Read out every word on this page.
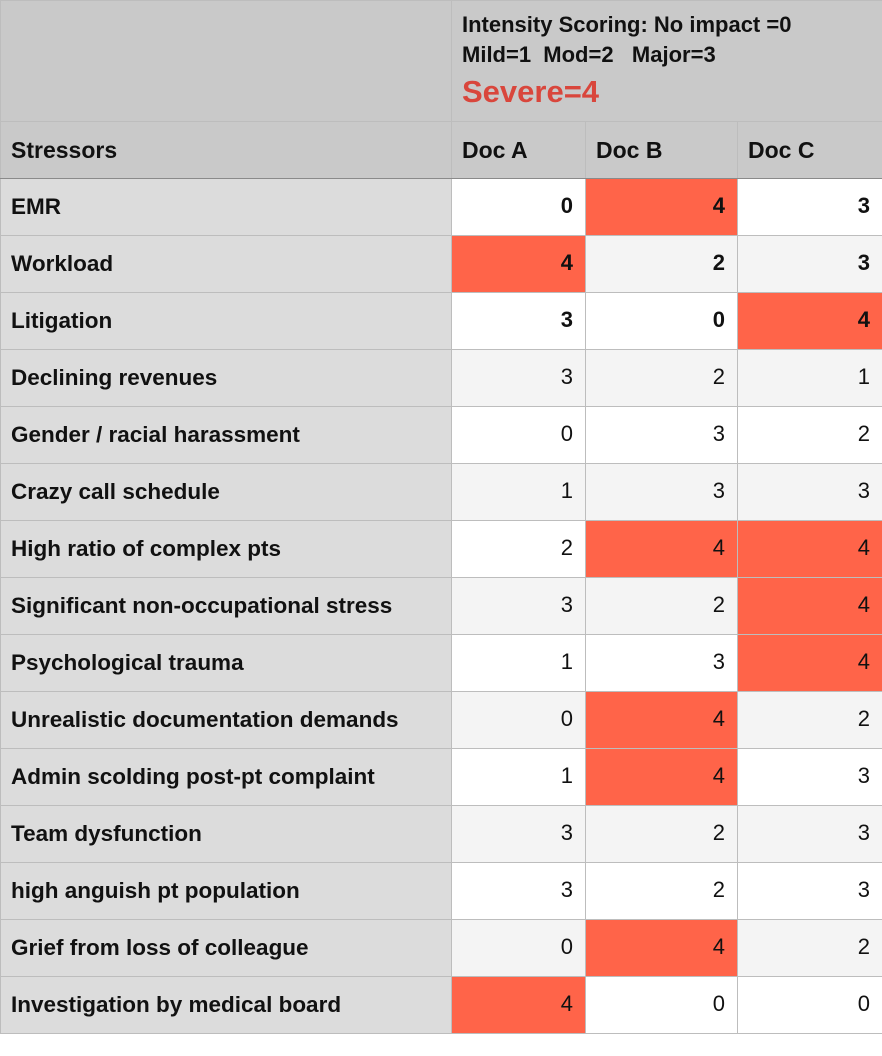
	Intensity Scoring: No impact =0
Mild=1  Mod=2   Major=3
Severe=4		

Stressors	Doc A	Doc B	Doc C
EMR	0	4	3
Workload	4	2	3
Litigation	3	0	4
Declining revenues	3	2	1
Gender / racial harassment	0	3	2
Crazy call schedule	1	3	3
High ratio of complex pts	2	4	4
Significant non-occupational stress	3	2	4
Psychological trauma	1	3	4
Unrealistic documentation demands	0	4	2
Admin scolding post-pt complaint	1	4	3
Team dysfunction	3	2	3
high anguish pt population	3	2	3
Grief from loss of colleague	0	4	2
Investigation by medical board	4	0	0
